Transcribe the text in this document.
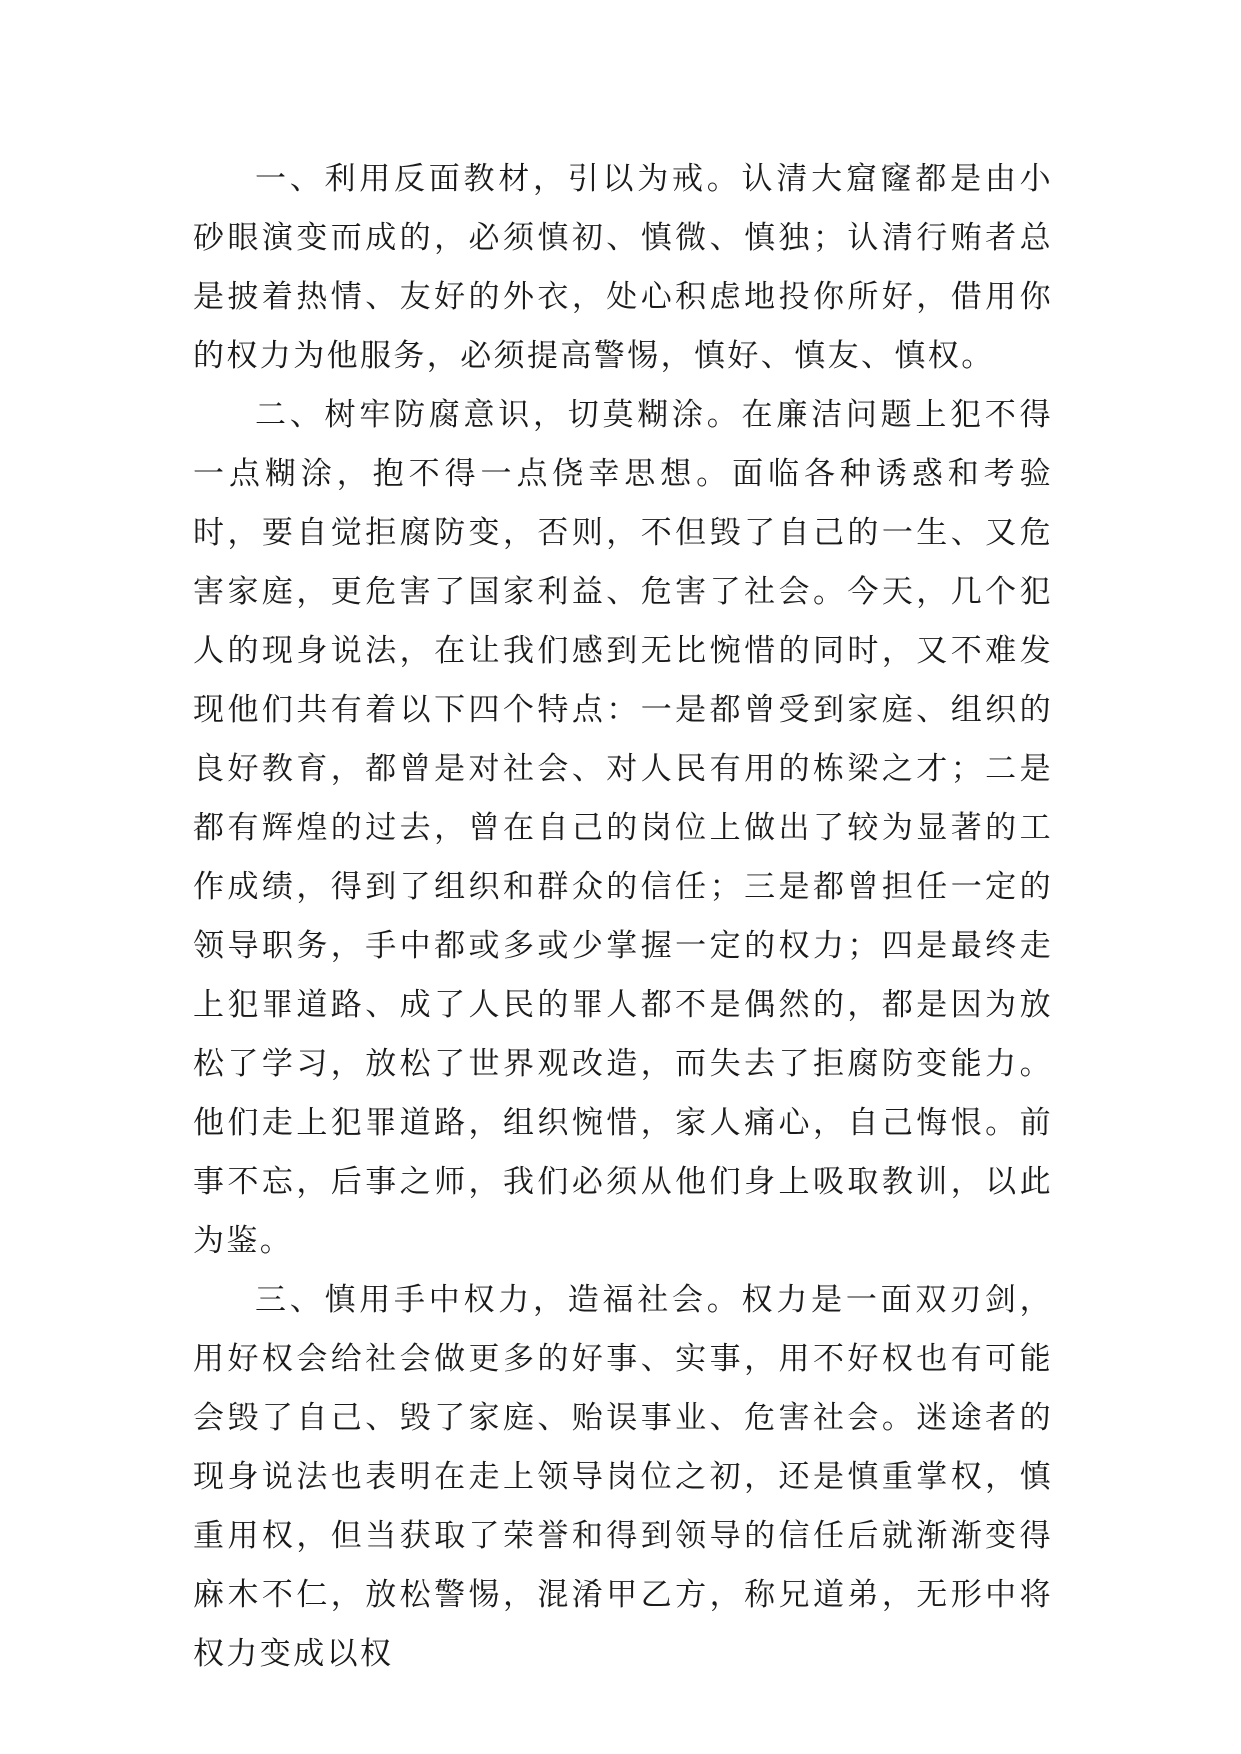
一、利用反面教材，引以为戒。认清大窟窿都是由小砂眼演变而成的，必须慎初、慎微、慎独；认清行贿者总是披着热情、友好的外衣，处心积虑地投你所好，借用你的权力为他服务，必须提高警惕，慎好、慎友、慎权。

二、树牢防腐意识，切莫糊涂。在廉洁问题上犯不得一点糊涂，抱不得一点侥幸思想。面临各种诱惑和考验时，要自觉拒腐防变，否则，不但毁了自己的一生、又危害家庭，更危害了国家利益、危害了社会。今天，几个犯人的现身说法，在让我们感到无比惋惜的同时，又不难发现他们共有着以下四个特点：一是都曾受到家庭、组织的良好教育，都曾是对社会、对人民有用的栋梁之才；二是都有辉煌的过去，曾在自己的岗位上做出了较为显著的工作成绩，得到了组织和群众的信任；三是都曾担任一定的领导职务，手中都或多或少掌握一定的权力；四是最终走上犯罪道路、成了人民的罪人都不是偶然的，都是因为放松了学习，放松了世界观改造，而失去了拒腐防变能力。他们走上犯罪道路，组织惋惜，家人痛心，自己悔恨。前事不忘，后事之师，我们必须从他们身上吸取教训，以此为鉴。

三、慎用手中权力，造福社会。权力是一面双刃剑，用好权会给社会做更多的好事、实事，用不好权也有可能会毁了自己、毁了家庭、贻误事业、危害社会。迷途者的现身说法也表明在走上领导岗位之初，还是慎重掌权，慎重用权，但当获取了荣誉和得到领导的信任后就渐渐变得麻木不仁，放松警惕，混淆甲乙方，称兄道弟，无形中将权力变成以权
